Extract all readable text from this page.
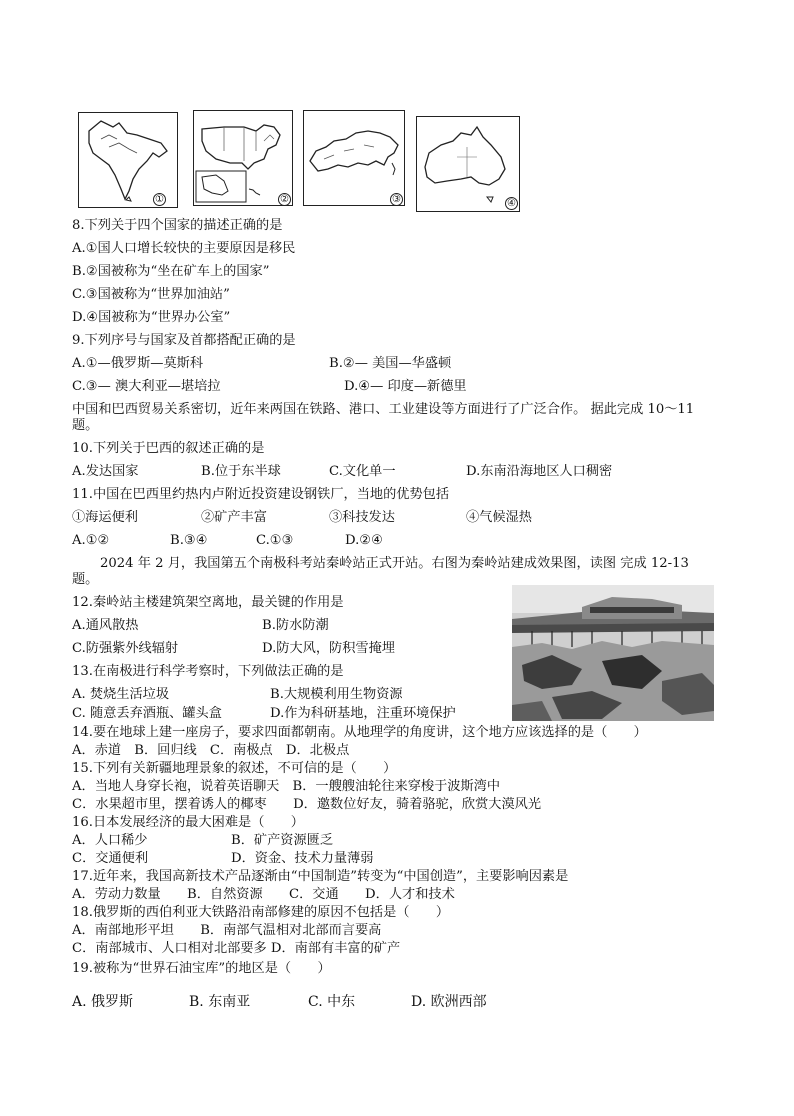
①	②	③	④
8.下列关于四个国家的描述正确的是
A.①国人口增长较快的主要原因是移民
B.②国被称为“坐在矿车上的国家”
C.③国被称为“世界加油站”
D.④国被称为“世界办公室”
9.下列序号与国家及首都搭配正确的是
A.①—俄罗斯—莫斯科	B.②— 美国—华盛顿
C.③— 澳大利亚—堪培拉	D.④— 印度—新德里
中国和巴西贸易关系密切，近年来两国在铁路、港口、工业建设等方面进行了广泛合作。 据此完成 10～11
题。
10.下列关于巴西的叙述正确的是
A.发达国家	B.位于东半球	C.文化单一	D.东南沿海地区人口稠密
11.中国在巴西里约热内卢附近投资建设钢铁厂，当地的优势包括
①海运便利	②矿产丰富	③科技发达	④气候湿热
A.①②	B.③④	C.①③	D.②④
2024 年 2 月，我国第五个南极科考站秦岭站正式开站。右图为秦岭站建成效果图，读图 完成 12-13
题。
12.秦岭站主楼建筑架空离地，最关键的作用是
A.通风散热	B.防水防潮
C.防强紫外线辐射	D.防大风，防积雪掩埋
13.在南极进行科学考察时，下列做法正确的是
A. 焚烧生活垃圾	B.大规模利用生物资源
C. 随意丢弃酒瓶、罐头盒	D.作为科研基地，注重环境保护
14.要在地球上建一座房子，要求四面都朝南。从地理学的角度讲，这个地方应该选择的是（　　）
A．赤道　B．回归线　C．南极点　D．北极点
15.下列有关新疆地理景象的叙述，不可信的是（　　）
A．当地人身穿长袍，说着英语聊天　B．一艘艘油轮往来穿梭于波斯湾中
C．水果超市里，摆着诱人的椰枣　　D．邀数位好友，骑着骆驼，欣赏大漠风光
16.日本发展经济的最大困难是（　　）
A．人口稀少	B．矿产资源匮乏
C．交通便利	D．资金、技术力量薄弱
17.近年来，我国高新技术产品逐渐由“中国制造”转变为“中国创造”，主要影响因素是
A．劳动力数量　　B．自然资源　　C．交通　　D．人才和技术
18.俄罗斯的西伯利亚大铁路沿南部修建的原因不包括是（　　）
A．南部地形平坦　　B．南部气温相对北部而言要高
C．南部城市、人口相对北部要多 D．南部有丰富的矿产
19.被称为“世界石油宝库”的地区是（　　）
A. 俄罗斯	B. 东南亚	C. 中东	D. 欧洲西部
